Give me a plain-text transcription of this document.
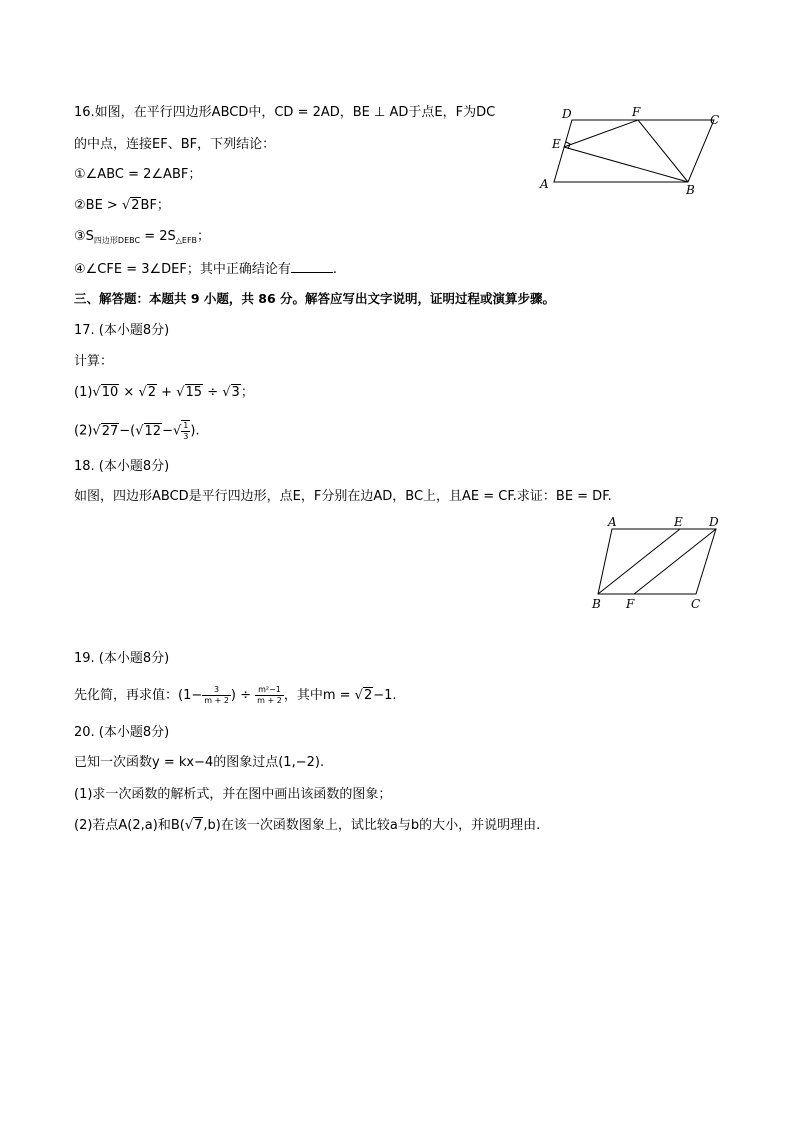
16.如图，在平行四边形ABCD中，CD = 2AD，BE ⊥ AD于点E，F为DC
的中点，连接EF、BF，下列结论：
①∠ABC = 2∠ABF；
②BE > √2BF；
$③S_{四边形DEBC} = 2S_{\triangle EFB}$；
④∠CFE = 3∠DEF；其中正确结论有	.
D	F
C
E
A	B
三、解答题：本题共 9 小题，共 86 分。解答应写出文字说明，证明过程或演算步骤。
17. (本小题8分)
计算：
(1)√10 × √2 + √15 ÷ √3；
$(2)√27-(√12-√ \frac{1}{3}$ ).
18. (本小题8分)
如图，四边形ABCD是平行四边形，点E，F分别在边AD，BC上，且AE = CF.求证：BE = DF.
A	E D
B F	C
19. (本小题8分)
先化简，再求值：($1- \frac{3}{m + 2}$ ) ÷ $\frac{\text{m²−1}}{m + 2}$ ，其中m = √2−1.
20. (本小题8分)
已知一次函数y = kx−4的图象过点(1,−2).
(1)求一次函数的解析式，并在图中画出该函数的图象；
(2)若点A(2,a)和B(√7,b)在该一次函数图象上，试比较a与b的大小，并说明理由.
